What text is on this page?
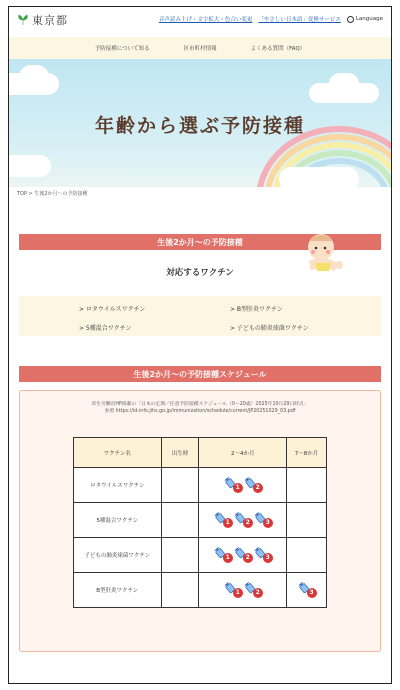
東京都	音声読み上げ・文字拡大・色合い変更 「やさしい日本語」変換サービス	Language
予防接種について知る	区市町村情報	よくある質問（FAQ）
年齢から選ぶ予防接種
TOP > 生後2か月〜の予防接種
生後2か月〜の予防接種
対応するワクチン
> ロタウイルスワクチン	> B型肝炎ワクチン
> 5種混合ワクチン	> 子どもの肺炎球菌ワクチン
生後2か月〜の予防接種スケジュール
厚生労働省HP掲載の「日本の定期／任意予防接種スケジュール（0〜20歳）2025年10月29日時点」
参照 https://id-info.jihs.go.jp/immunization/schedule/current/JP20251029_03.pdf
ワクチン名	出生時	2〜4か月	7〜8か月
ロタウイルスワクチン		1 2	

5種混合ワクチン		1 2 3	

子どもの肺炎球菌ワクチン		1 2 3	

B型肝炎ワクチン		1 2	3
